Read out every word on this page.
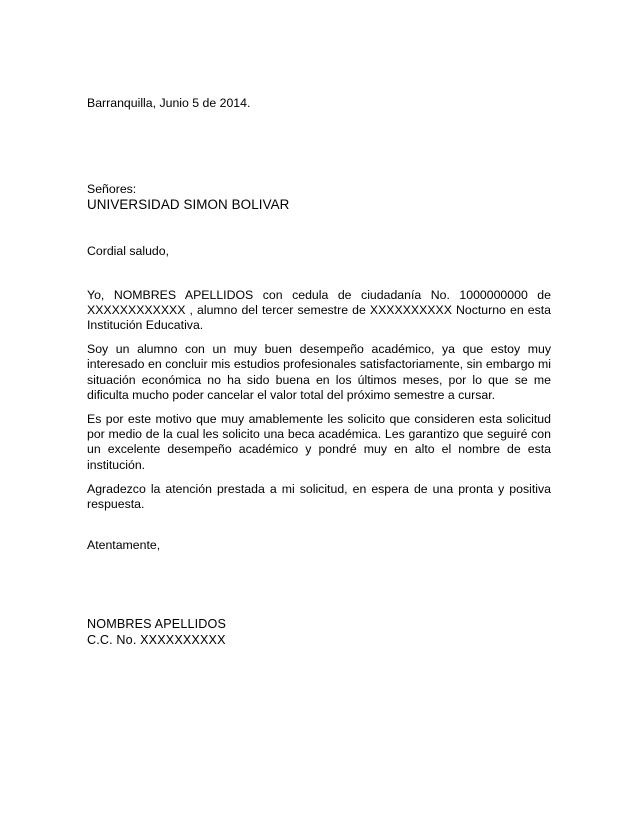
Barranquilla, Junio 5 de 2014.
Señores:
UNIVERSIDAD SIMON BOLIVAR
Cordial saludo,

Yo, NOMBRES APELLIDOS con cedula de ciudadanía No. 1000000000 de XXXXXXXXXXXX , alumno del tercer semestre de XXXXXXXXXX Nocturno en esta Institución Educativa.

Soy un alumno con un muy buen desempeño académico, ya que estoy muy interesado en concluir mis estudios profesionales satisfactoriamente, sin embargo mi situación económica no ha sido buena en los últimos meses, por lo que se me dificulta mucho poder cancelar el valor total del próximo semestre a cursar.

Es por este motivo que muy amablemente les solicito que consideren esta solicitud por medio de la cual les solicito una beca académica. Les garantizo que seguiré con un excelente desempeño académico y pondré muy en alto el nombre de esta institución.

Agradezco la atención prestada a mi solicitud, en espera de una pronta y positiva respuesta.

Atentamente,
NOMBRES APELLIDOS
C.C. No. XXXXXXXXXX
